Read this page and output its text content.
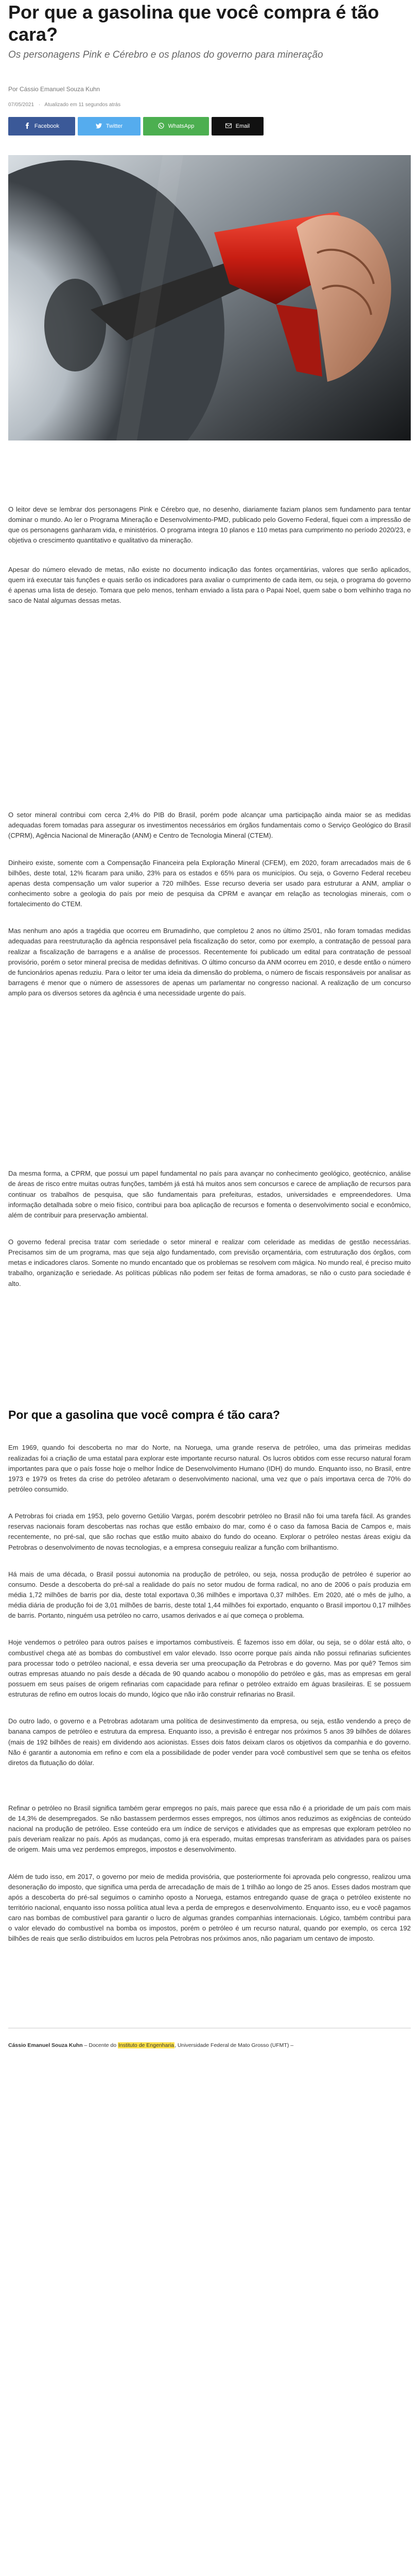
Por que a gasolina que você compra é tão cara?
Os personagens Pink e Cérebro e os planos do governo para mineração
Por Cássio Emanuel Souza Kuhn
07/05/2021 · Atualizado em 11 segundos atrás
Facebook	Twitter	WhatsApp	Email

O leitor deve se lembrar dos personagens Pink e Cérebro que, no desenho, diariamente faziam planos sem fundamento para tentar dominar o mundo. Ao ler o Programa Mineração e Desenvolvimento-PMD, publicado pelo Governo Federal, fiquei com a impressão de que os personagens ganharam vida, e ministérios. O programa integra 10 planos e 110 metas para cumprimento no período 2020/23, e objetiva o crescimento quantitativo e qualitativo da mineração.

Apesar do número elevado de metas, não existe no documento indicação das fontes orçamentárias, valores que serão aplicados, quem irá executar tais funções e quais serão os indicadores para avaliar o cumprimento de cada item, ou seja, o programa do governo é apenas uma lista de desejo. Tomara que pelo menos, tenham enviado a lista para o Papai Noel, quem sabe o bom velhinho traga no saco de Natal algumas dessas metas.

O setor mineral contribui com cerca 2,4% do PIB do Brasil, porém pode alcançar uma participação ainda maior se as medidas adequadas forem tomadas para assegurar os investimentos necessários em órgãos fundamentais como o Serviço Geológico do Brasil (CPRM), Agência Nacional de Mineração (ANM) e Centro de Tecnologia Mineral (CTEM).

Dinheiro existe, somente com a Compensação Financeira pela Exploração Mineral (CFEM), em 2020, foram arrecadados mais de 6 bilhões, deste total, 12% ficaram para união, 23% para os estados e 65% para os municípios. Ou seja, o Governo Federal recebeu apenas desta compensação um valor superior a 720 milhões. Esse recurso deveria ser usado para estruturar a ANM, ampliar o conhecimento sobre a geologia do país por meio de pesquisa da CPRM e avançar em relação as tecnologias minerais, com o fortalecimento do CTEM.

Mas nenhum ano após a tragédia que ocorreu em Brumadinho, que completou 2 anos no último 25/01, não foram tomadas medidas adequadas para reestruturação da agência responsável pela fiscalização do setor, como por exemplo, a contratação de pessoal para realizar a fiscalização de barragens e a análise de processos. Recentemente foi publicado um edital para contratação de pessoal provisório, porém o setor mineral precisa de medidas definitivas. O último concurso da ANM ocorreu em 2010, e desde então o número de funcionários apenas reduziu. Para o leitor ter uma ideia da dimensão do problema, o número de fiscais responsáveis por analisar as barragens é menor que o número de assessores de apenas um parlamentar no congresso nacional. A realização de um concurso amplo para os diversos setores da agência é uma necessidade urgente do país.

Da mesma forma, a CPRM, que possui um papel fundamental no país para avançar no conhecimento geológico, geotécnico, análise de áreas de risco entre muitas outras funções, também já está há muitos anos sem concursos e carece de ampliação de recursos para continuar os trabalhos de pesquisa, que são fundamentais para prefeituras, estados, universidades e empreendedores. Uma informação detalhada sobre o meio físico, contribui para boa aplicação de recursos e fomenta o desenvolvimento social e econômico, além de contribuir para preservação ambiental.

O governo federal precisa tratar com seriedade o setor mineral e realizar com celeridade as medidas de gestão necessárias. Precisamos sim de um programa, mas que seja algo fundamentado, com previsão orçamentária, com estruturação dos órgãos, com metas e indicadores claros. Somente no mundo encantado que os problemas se resolvem com mágica. No mundo real, é preciso muito trabalho, organização e seriedade. As políticas públicas não podem ser feitas de forma amadoras, se não o custo para sociedade é alto.

Por que a gasolina que você compra é tão cara?

Em 1969, quando foi descoberta no mar do Norte, na Noruega, uma grande reserva de petróleo, uma das primeiras medidas realizadas foi a criação de uma estatal para explorar este importante recurso natural. Os lucros obtidos com esse recurso natural foram importantes para que o país fosse hoje o melhor Índice de Desenvolvimento Humano (IDH) do mundo. Enquanto isso, no Brasil, entre 1973 e 1979 os fretes da crise do petróleo afetaram o desenvolvimento nacional, uma vez que o país importava cerca de 70% do petróleo consumido.

A Petrobras foi criada em 1953, pelo governo Getúlio Vargas, porém descobrir petróleo no Brasil não foi uma tarefa fácil. As grandes reservas nacionais foram descobertas nas rochas que estão embaixo do mar, como é o caso da famosa Bacia de Campos e, mais recentemente, no pré-sal, que são rochas que estão muito abaixo do fundo do oceano. Explorar o petróleo nestas áreas exigiu da Petrobras o desenvolvimento de novas tecnologias, e a empresa conseguiu realizar a função com brilhantismo.

Há mais de uma década, o Brasil possui autonomia na produção de petróleo, ou seja, nossa produção de petróleo é superior ao consumo. Desde a descoberta do pré-sal a realidade do país no setor mudou de forma radical, no ano de 2006 o país produzia em média 1,72 milhões de barris por dia, deste total exportava 0,36 milhões e importava 0,37 milhões. Em 2020, até o mês de julho, a média diária de produção foi de 3,01 milhões de barris, deste total 1,44 milhões foi exportado, enquanto o Brasil importou 0,17 milhões de barris. Portanto, ninguém usa petróleo no carro, usamos derivados e aí que começa o problema.

Hoje vendemos o petróleo para outros países e importamos combustíveis. É fazemos isso em dólar, ou seja, se o dólar está alto, o combustível chega até as bombas do combustível em valor elevado. Isso ocorre porque país ainda não possui refinarias suficientes para processar todo o petróleo nacional, e essa deveria ser uma preocupação da Petrobras e do governo. Mas por quê? Temos sim outras empresas atuando no país desde a década de 90 quando acabou o monopólio do petróleo e gás, mas as empresas em geral possuem em seus países de origem refinarias com capacidade para refinar o petróleo extraído em águas brasileiras. E se possuem estruturas de refino em outros locais do mundo, lógico que não irão construir refinarias no Brasil.

Do outro lado, o governo e a Petrobras adotaram uma política de desinvestimento da empresa, ou seja, estão vendendo a preço de banana campos de petróleo e estrutura da empresa. Enquanto isso, a previsão é entregar nos próximos 5 anos 39 bilhões de dólares (mais de 192 bilhões de reais) em dividendo aos acionistas. Esses dois fatos deixam claros os objetivos da companhia e do governo. Não é garantir a autonomia em refino e com ela a possibilidade de poder vender para você combustível sem que se tenha os efeitos diretos da flutuação do dólar.

Refinar o petróleo no Brasil significa também gerar empregos no país, mais parece que essa não é a prioridade de um país com mais de 14,3% de desempregados. Se não bastassem perdermos esses empregos, nos últimos anos reduzimos as exigências de conteúdo nacional na produção de petróleo. Esse conteúdo era um índice de serviços e atividades que as empresas que exploram petróleo no país deveriam realizar no país. Após as mudanças, como já era esperado, muitas empresas transferiram as atividades para os países de origem. Mais uma vez perdemos empregos, impostos e desenvolvimento.

Além de tudo isso, em 2017, o governo por meio de medida provisória, que posteriormente foi aprovada pelo congresso, realizou uma desoneração do imposto, que significa uma perda de arrecadação de mais de 1 trilhão ao longo de 25 anos. Esses dados mostram que após a descoberta do pré-sal seguimos o caminho oposto a Noruega, estamos entregando quase de graça o petróleo existente no território nacional, enquanto isso nossa política atual leva a perda de empregos e desenvolvimento. Enquanto isso, eu e você pagamos caro nas bombas de combustível para garantir o lucro de algumas grandes companhias internacionais. Lógico, também contribui para o valor elevado do combustível na bomba os impostos, porém o petróleo é um recurso natural, quando por exemplo, os cerca 192 bilhões de reais que serão distribuídos em lucros pela Petrobras nos próximos anos, não pagariam um centavo de imposto.

Cássio Emanuel Souza Kuhn – Docente do Instituto de Engenharia, Universidade Federal de Mato Grosso (UFMT) –
